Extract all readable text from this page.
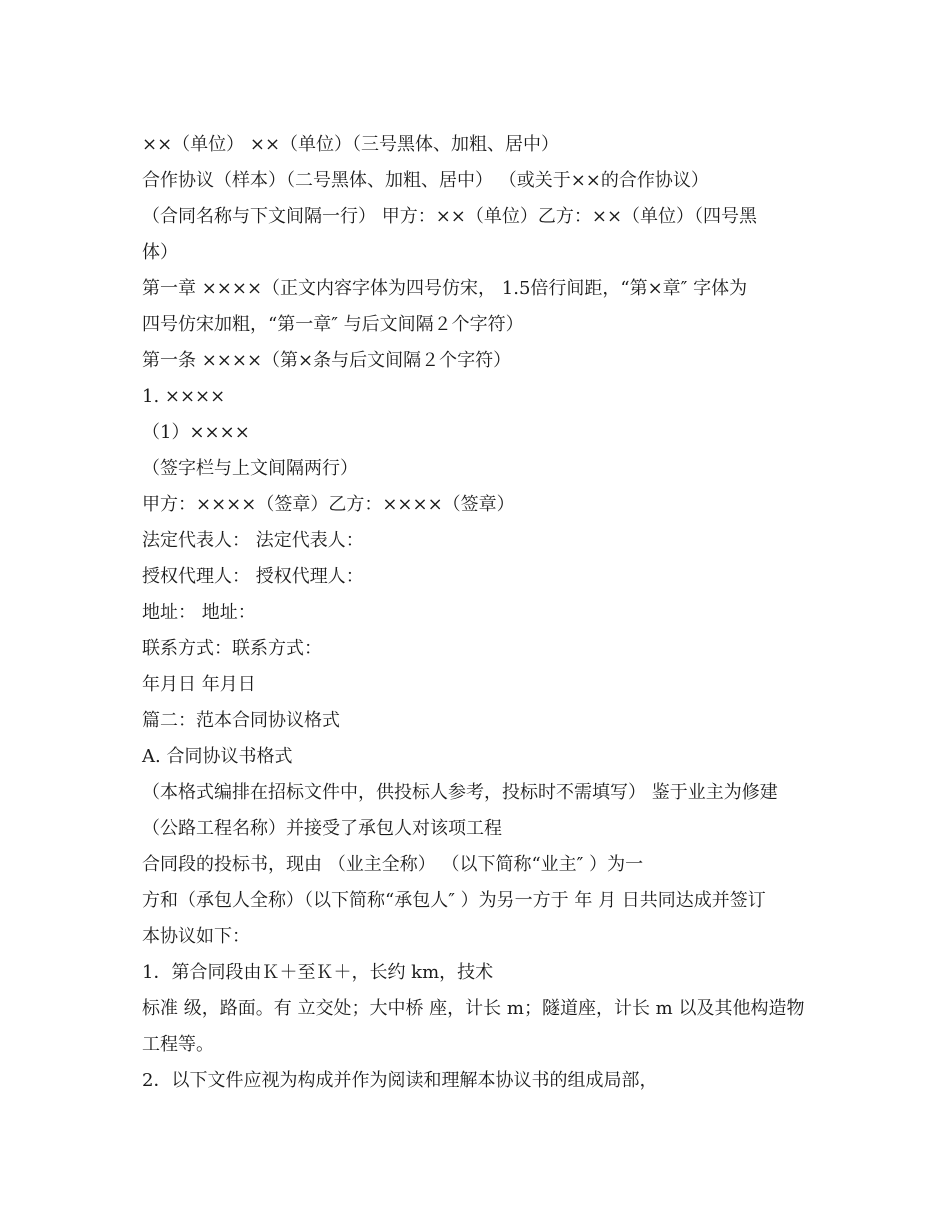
××（单位） ××（单位）（三号黑体、加粗、居中）
合作协议（样本）（二号黑体、加粗、居中） （或关于××的合作协议）
（合同名称与下文间隔一行） 甲方：××（单位）乙方：××（单位）（四号黑
体）
第一章 ××××（正文内容字体为四号仿宋， 1.5倍行间距，“第×章″ 字体为
四号仿宋加粗，“第一章″ 与后文间隔２个字符）
第一条 ××××（第×条与后文间隔２个字符）
1. ××××
（1）××××
（签字栏与上文间隔两行）
甲方：××××（签章）乙方：××××（签章）
法定代表人： 法定代表人：
授权代理人： 授权代理人：
地址： 地址：
联系方式：联系方式：
年月日 年月日
篇二：范本合同协议格式
A. 合同协议书格式
（本格式编排在招标文件中，供投标人参考，投标时不需填写） 鉴于业主为修建
（公路工程名称）并接受了承包人对该项工程
合同段的投标书，现由 （业主全称） （以下简称“业主″ ）为一
方和（承包人全称）（以下简称“承包人″ ）为另一方于 年 月 日共同达成并签订
本协议如下：
1．第合同段由Ｋ＋至Ｋ＋，长约 km，技术
标准 级，路面。有 立交处；大中桥 座，计长 m；隧道座，计长 m 以及其他构造物
工程等。
2．以下文件应视为构成并作为阅读和理解本协议书的组成局部，
